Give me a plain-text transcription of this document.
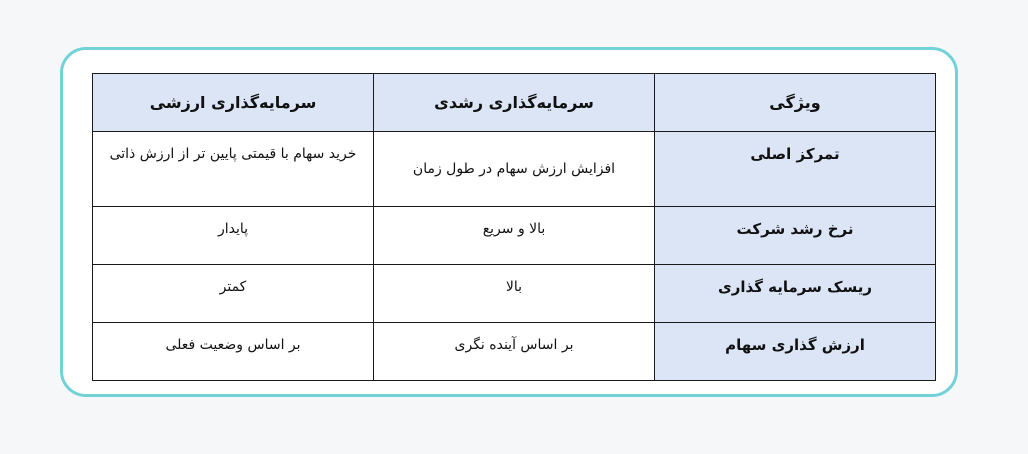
ویژگی	سرمایه‌گذاری رشدی	سرمایه‌گذاری ارزشی
تمرکز اصلی	افزایش ارزش سهام در طول زمان	خرید سهام با قیمتی پایین تر از ارزش ذاتی
نرخ رشد شرکت	بالا و سریع	پایدار
ریسک سرمایه گذاری	بالا	کمتر
ارزش گذاری سهام	بر اساس آینده نگری	بر اساس وضعیت فعلی
